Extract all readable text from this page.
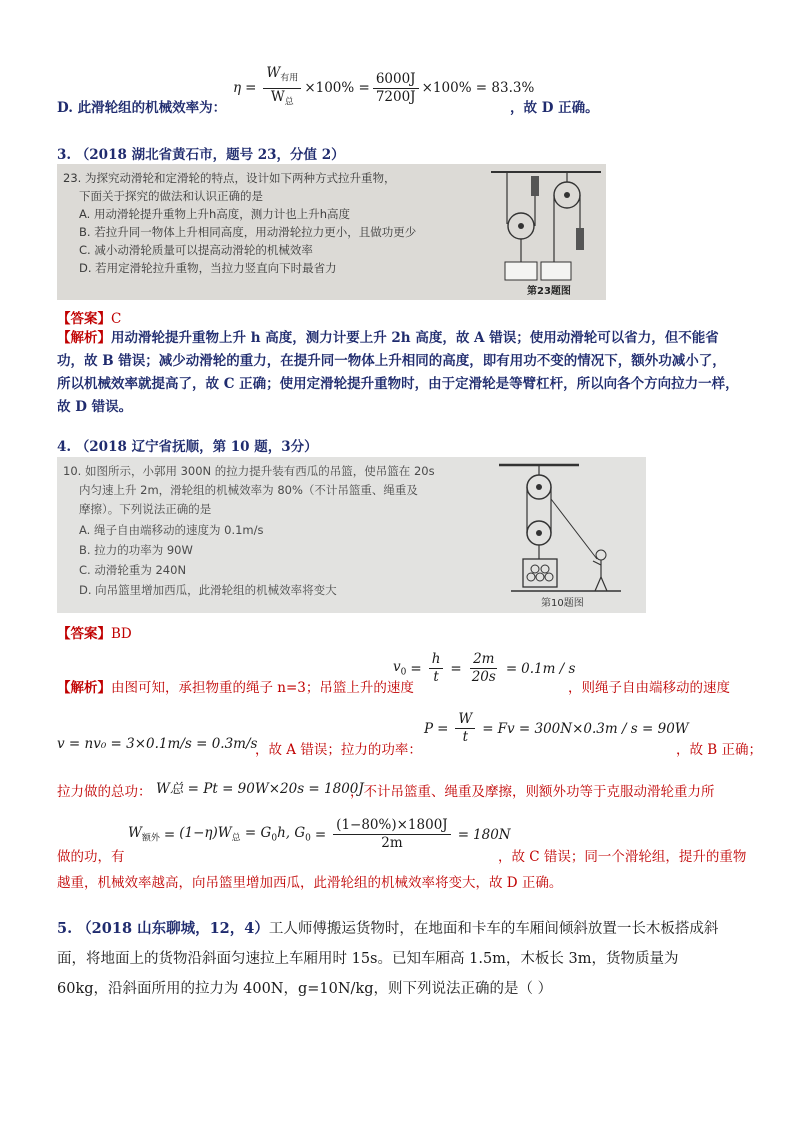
$\eta = \frac{W_{有用}}{W_总} \times 100\% = \frac{6000J}{7200J} \times 100\% = 83.3\%$
D. 此滑轮组的机械效率为：	，故 D 正确。
3. （2018 湖北省黄石市，题号 23，分值 2）
23. 为探究动滑轮和定滑轮的特点，设计如下两种方式拉升重物，
下面关于探究的做法和认识正确的是
A. 用动滑轮提升重物上升h高度，测力计也上升h高度
B. 若拉升同一物体上升相同高度，用动滑轮拉力更小，且做功更少
C. 减小动滑轮质量可以提高动滑轮的机械效率
D. 若用定滑轮拉升重物，当拉力竖直向下时最省力
第23题图
【答案】C
【解析】用动滑轮提升重物上升 h 高度，测力计要上升 2h 高度，故 A 错误；使用动滑轮可以省力，但不能省功，故 B 错误；减少动滑轮的重力，在提升同一物体上升相同的高度，即有用功不变的情况下，额外功减小了，所以机械效率就提高了，故 C 正确；使用定滑轮提升重物时，由于定滑轮是等臂杠杆，所以向各个方向拉力一样，故 D 错误。
4. （2018 辽宁省抚顺，第 10 题，3分）
10. 如图所示，小郭用 300N 的拉力提升装有西瓜的吊篮，使吊篮在 20s
内匀速上升 2m，滑轮组的机械效率为 80%（不计吊篮重、绳重及
摩擦）。下列说法正确的是
A. 绳子自由端移动的速度为 0.1m/s
B. 拉力的功率为 90W
C. 动滑轮重为 240N
D. 向吊篮里增加西瓜，此滑轮组的机械效率将变大
第10题图
【答案】BD
【解析】由图可知，承担物重的绳子 n=3；吊篮上升的速度
$v_0 = \frac{h}{t} = \frac{2m}{20s} = 0.1m / s$
，则绳子自由端移动的速度
v = nv₀ = 3×0.1m/s = 0.3m/s
，故 A 错误；拉力的功率：
$P = \frac{W}{t} = Fv = 300N\times 0.3m / s = 90W$
，故 B 正确；
拉力做的总功： W总 = Pt = 90W×20s = 1800J
，不计吊篮重、绳重及摩擦，则额外功等于克服动滑轮重力所
做的功，有
$W_{额外} = (1-\eta)W_总 = G_0h$, $G_0 = \frac{(1-80\%)\times 1800J}{2m} = 180N$
，故 C 错误；同一个滑轮组，提升的重物
越重，机械效率越高，向吊篮里增加西瓜，此滑轮组的机械效率将变大，故 D 正确。
5. （2018 山东聊城，12，4）工人师傅搬运货物时，在地面和卡车的车厢间倾斜放置一长木板搭成斜
面，将地面上的货物沿斜面匀速拉上车厢用时 15s。已知车厢高 1.5m，木板长 3m，货物质量为
60kg，沿斜面所用的拉力为 400N，g=10N/kg，则下列说法正确的是（ ）
